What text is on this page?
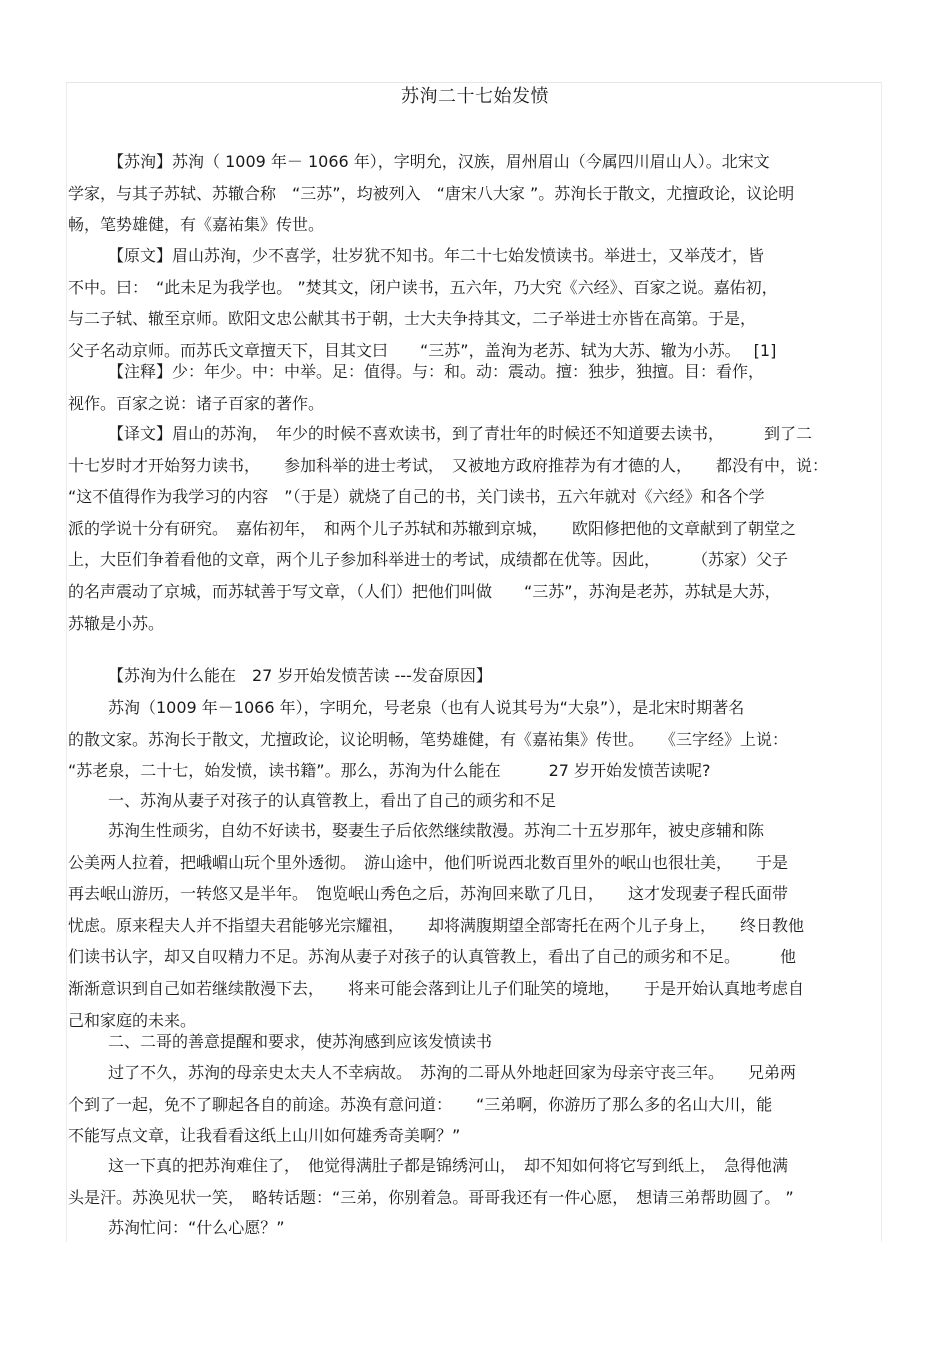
苏洵二十七始发愤
【苏洵】苏洵（ 1009 年－ 1066 年），字明允，汉族，眉州眉山（今属四川眉山人）。北宋文
学家，与其子苏轼、苏辙合称　“三苏”，均被列入　“唐宋八大家 ”。苏洵长于散文，尤擅政论，议论明
畅，笔势雄健，有《嘉祐集》传世。
【原文】眉山苏洵，少不喜学，壮岁犹不知书。年二十七始发愤读书。举进士，又举茂才，皆
不中。曰：　“此未足为我学也。 ”焚其文，闭户读书，五六年，乃大究《六经》、百家之说。嘉佑初，
与二子轼、辙至京师。欧阳文忠公献其书于朝，士大夫争持其文，二子举进士亦皆在高第。于是，
父子名动京师。而苏氏文章擅天下，目其文曰　　“三苏”，盖洵为老苏、轼为大苏、辙为小苏。　 [1]
【注释】少：年少。中：中举。足：值得。与：和。动：震动。擅：独步，独擅。目：看作，
视作。百家之说：诸子百家的著作。
【译文】眉山的苏洵，　年少的时候不喜欢读书，到了青壮年的时候还不知道要去读书，　　　到了二
十七岁时才开始努力读书，　　参加科举的进士考试，　又被地方政府推荐为有才德的人，　　都没有中，说：
“这不值得作为我学习的内容　”（于是）就烧了自己的书，关门读书，五六年就对《六经》和各个学
派的学说十分有研究。　嘉佑初年，　和两个儿子苏轼和苏辙到京城，　　欧阳修把他的文章献到了朝堂之
上，大臣们争着看他的文章，两个儿子参加科举进士的考试，成绩都在优等。因此，　　　（苏家）父子
的名声震动了京城，而苏轼善于写文章，（人们）把他们叫做　　“三苏”，苏洵是老苏，苏轼是大苏，
苏辙是小苏。
【苏洵为什么能在　27 岁开始发愤苦读 ---发奋原因】
苏洵（1009 年－1066 年），字明允，号老泉（也有人说其号为“大泉”），是北宋时期著名
的散文家。苏洵长于散文，尤擅政论，议论明畅，笔势雄健，有《嘉祐集》传世。　　《三字经》上说：
“苏老泉，二十七，始发愤，读书籍”。那么，苏洵为什么能在　　　27 岁开始发愤苦读呢?
一、苏洵从妻子对孩子的认真管教上，看出了自己的顽劣和不足
苏洵生性顽劣，自幼不好读书，娶妻生子后依然继续散漫。苏洵二十五岁那年，被史彦辅和陈
公美两人拉着，把峨嵋山玩个里外透彻。　游山途中，他们听说西北数百里外的岷山也很壮美，　　于是
再去岷山游历，一转悠又是半年。　饱览岷山秀色之后，苏洵回来歇了几日，　　这才发现妻子程氏面带
忧虑。原来程夫人并不指望夫君能够光宗耀祖，　　却将满腹期望全部寄托在两个儿子身上，　　终日教他
们读书认字，却又自叹精力不足。苏洵从妻子对孩子的认真管教上，看出了自己的顽劣和不足。　　　他
渐渐意识到自己如若继续散漫下去，　　将来可能会落到让儿子们耻笑的境地，　　于是开始认真地考虑自
己和家庭的未来。
二、二哥的善意提醒和要求，使苏洵感到应该发愤读书
过了不久，苏洵的母亲史太夫人不幸病故。　苏洵的二哥从外地赶回家为母亲守丧三年。　　兄弟两
个到了一起，免不了聊起各自的前途。苏涣有意问道：　　“三弟啊，你游历了那么多的名山大川，能
不能写点文章，让我看看这纸上山川如何雄秀奇美啊？”
这一下真的把苏洵难住了，　他觉得满肚子都是锦绣河山，　却不知如何将它写到纸上，　急得他满
头是汗。苏涣见状一笑，　略转话题：“三弟，你别着急。哥哥我还有一件心愿，　想请三弟帮助圆了。 ”
苏洵忙问：“什么心愿？”
